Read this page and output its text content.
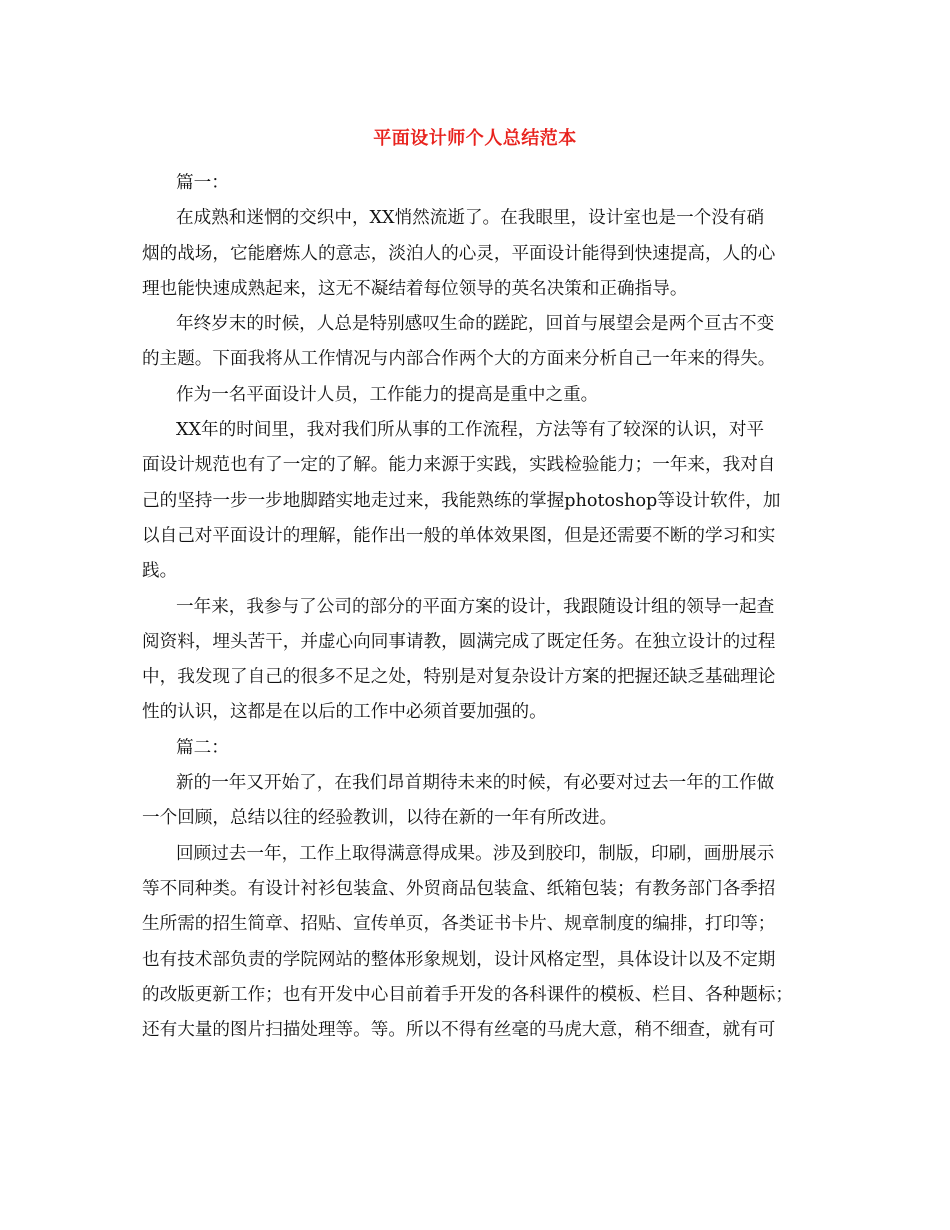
平面设计师个人总结范本
篇一：
在成熟和迷惘的交织中，XX悄然流逝了。在我眼里，设计室也是一个没有硝
烟的战场，它能磨炼人的意志，淡泊人的心灵，平面设计能得到快速提高，人的心
理也能快速成熟起来，这无不凝结着每位领导的英名决策和正确指导。
年终岁末的时候，人总是特别感叹生命的蹉跎，回首与展望会是两个亘古不变
的主题。下面我将从工作情况与内部合作两个大的方面来分析自己一年来的得失。
作为一名平面设计人员，工作能力的提高是重中之重。
XX年的时间里，我对我们所从事的工作流程，方法等有了较深的认识，对平
面设计规范也有了一定的了解。能力来源于实践，实践检验能力；一年来，我对自
己的坚持一步一步地脚踏实地走过来，我能熟练的掌握photoshop等设计软件，加
以自己对平面设计的理解，能作出一般的单体效果图，但是还需要不断的学习和实
践。
一年来，我参与了公司的部分的平面方案的设计，我跟随设计组的领导一起查
阅资料，埋头苦干，并虚心向同事请教，圆满完成了既定任务。在独立设计的过程
中，我发现了自己的很多不足之处，特别是对复杂设计方案的把握还缺乏基础理论
性的认识，这都是在以后的工作中必须首要加强的。
篇二：
新的一年又开始了，在我们昂首期待未来的时候，有必要对过去一年的工作做
一个回顾，总结以往的经验教训，以待在新的一年有所改进。
回顾过去一年，工作上取得满意得成果。涉及到胶印，制版，印刷，画册展示
等不同种类。有设计衬衫包装盒、外贸商品包装盒、纸箱包装；有教务部门各季招
生所需的招生简章、招贴、宣传单页，各类证书卡片、规章制度的编排，打印等；
也有技术部负责的学院网站的整体形象规划，设计风格定型，具体设计以及不定期
的改版更新工作；也有开发中心目前着手开发的各科课件的模板、栏目、各种题标；
还有大量的图片扫描处理等。等。所以不得有丝毫的马虎大意，稍不细查，就有可
